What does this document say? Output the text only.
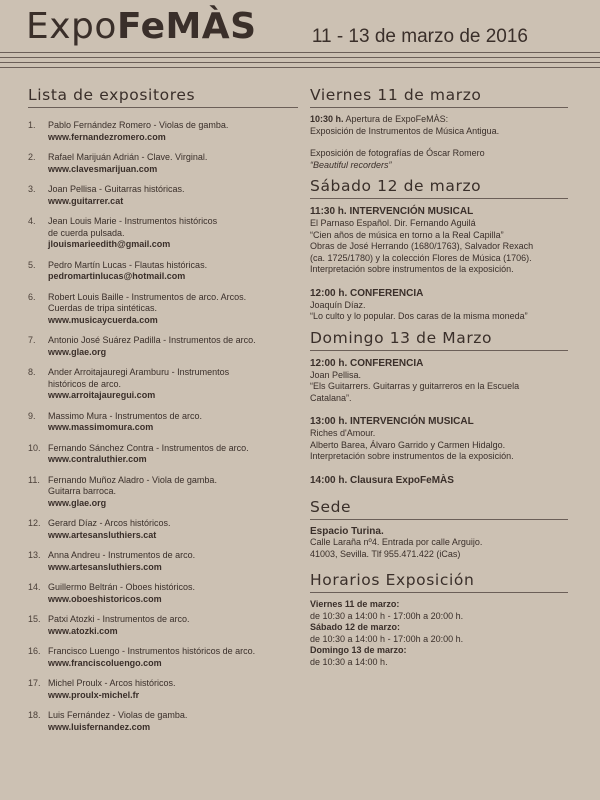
ExpoFeMÀS	11 - 13 de marzo de 2016
Lista de expositores
1.	Pablo Fernández Romero - Violas de gamba.
www.fernandezromero.com
2.	Rafael Marijuán Adrián - Clave. Virginal.
www.clavesmarijuan.com
3.	Joan Pellisa - Guitarras históricas.
www.guitarrer.cat
4.	Jean Louis Marie - Instrumentos históricos
de cuerda pulsada.
jlouismarieedith@gmail.com
5.	Pedro Martín Lucas - Flautas históricas.
pedromartinlucas@hotmail.com
6.	Robert Louis Baille - Instrumentos de arco. Arcos.
Cuerdas de tripa sintéticas.
www.musicaycuerda.com
7.	Antonio José Suárez Padilla - Instrumentos de arco.
www.glae.org
8.	Ander Arroitajauregi Aramburu - Instrumentos
históricos de arco.
www.arroitajauregui.com
9.	Massimo Mura - Instrumentos de arco.
www.massimomura.com
10. Fernando Sánchez Contra - Instrumentos de arco.
www.contraluthier.com
11. Fernando Muñoz Aladro - Viola de gamba.
Guitarra barroca.
www.glae.org
12. Gerard Díaz - Arcos históricos.
www.artesansluthiers.cat
13. Anna Andreu - Instrumentos de arco.
www.artesansluthiers.com
14. Guillermo Beltrán - Oboes históricos.
www.oboeshistoricos.com
15. Patxi Atozki - Instrumentos de arco.
www.atozki.com
16. Francisco Luengo - Instrumentos históricos de arco.
www.franciscoluengo.com
17. Michel Proulx - Arcos históricos.
www.proulx-michel.fr
18. Luis Fernández - Violas de gamba.
www.luisfernandez.com
Viernes 11 de marzo
10:30 h. Apertura de ExpoFeMÀS:
Exposición de Instrumentos de Música Antigua.
Exposición de fotografías de Óscar Romero
“Beautiful recorders”
Sábado 12 de marzo
11:30 h. INTERVENCIÓN MUSICAL
El Parnaso Español. Dir. Fernando Aguilá
“Cien años de música en torno a la Real Capilla”
Obras de José Herrando (1680/1763), Salvador Rexach
(ca. 1725/1780) y la colección Flores de Música (1706).
Interpretación sobre instrumentos de la exposición.
12:00 h. CONFERENCIA
Joaquín Díaz.
“Lo culto y lo popular. Dos caras de la misma moneda”
Domingo 13 de Marzo
12:00 h. CONFERENCIA
Joan Pellisa.
“Els Guitarrers. Guitarras y guitarreros en la Escuela
Catalana”.
13:00 h. INTERVENCIÓN MUSICAL
Riches d'Amour.
Alberto Barea, Álvaro Garrido y Carmen Hidalgo.
Interpretación sobre instrumentos de la exposición.
14:00 h. Clausura ExpoFeMÀS
Sede
Espacio Turina.
Calle Laraña nº4. Entrada por calle Arguijo.
41003, Sevilla. Tlf 955.471.422 (iCas)
Horarios Exposición
Viernes 11 de marzo:
de 10:30 a 14:00 h - 17:00h a 20:00 h.
Sábado 12 de marzo:
de 10:30 a 14:00 h - 17:00h a 20:00 h.
Domingo 13 de marzo:
de 10:30 a 14:00 h.
